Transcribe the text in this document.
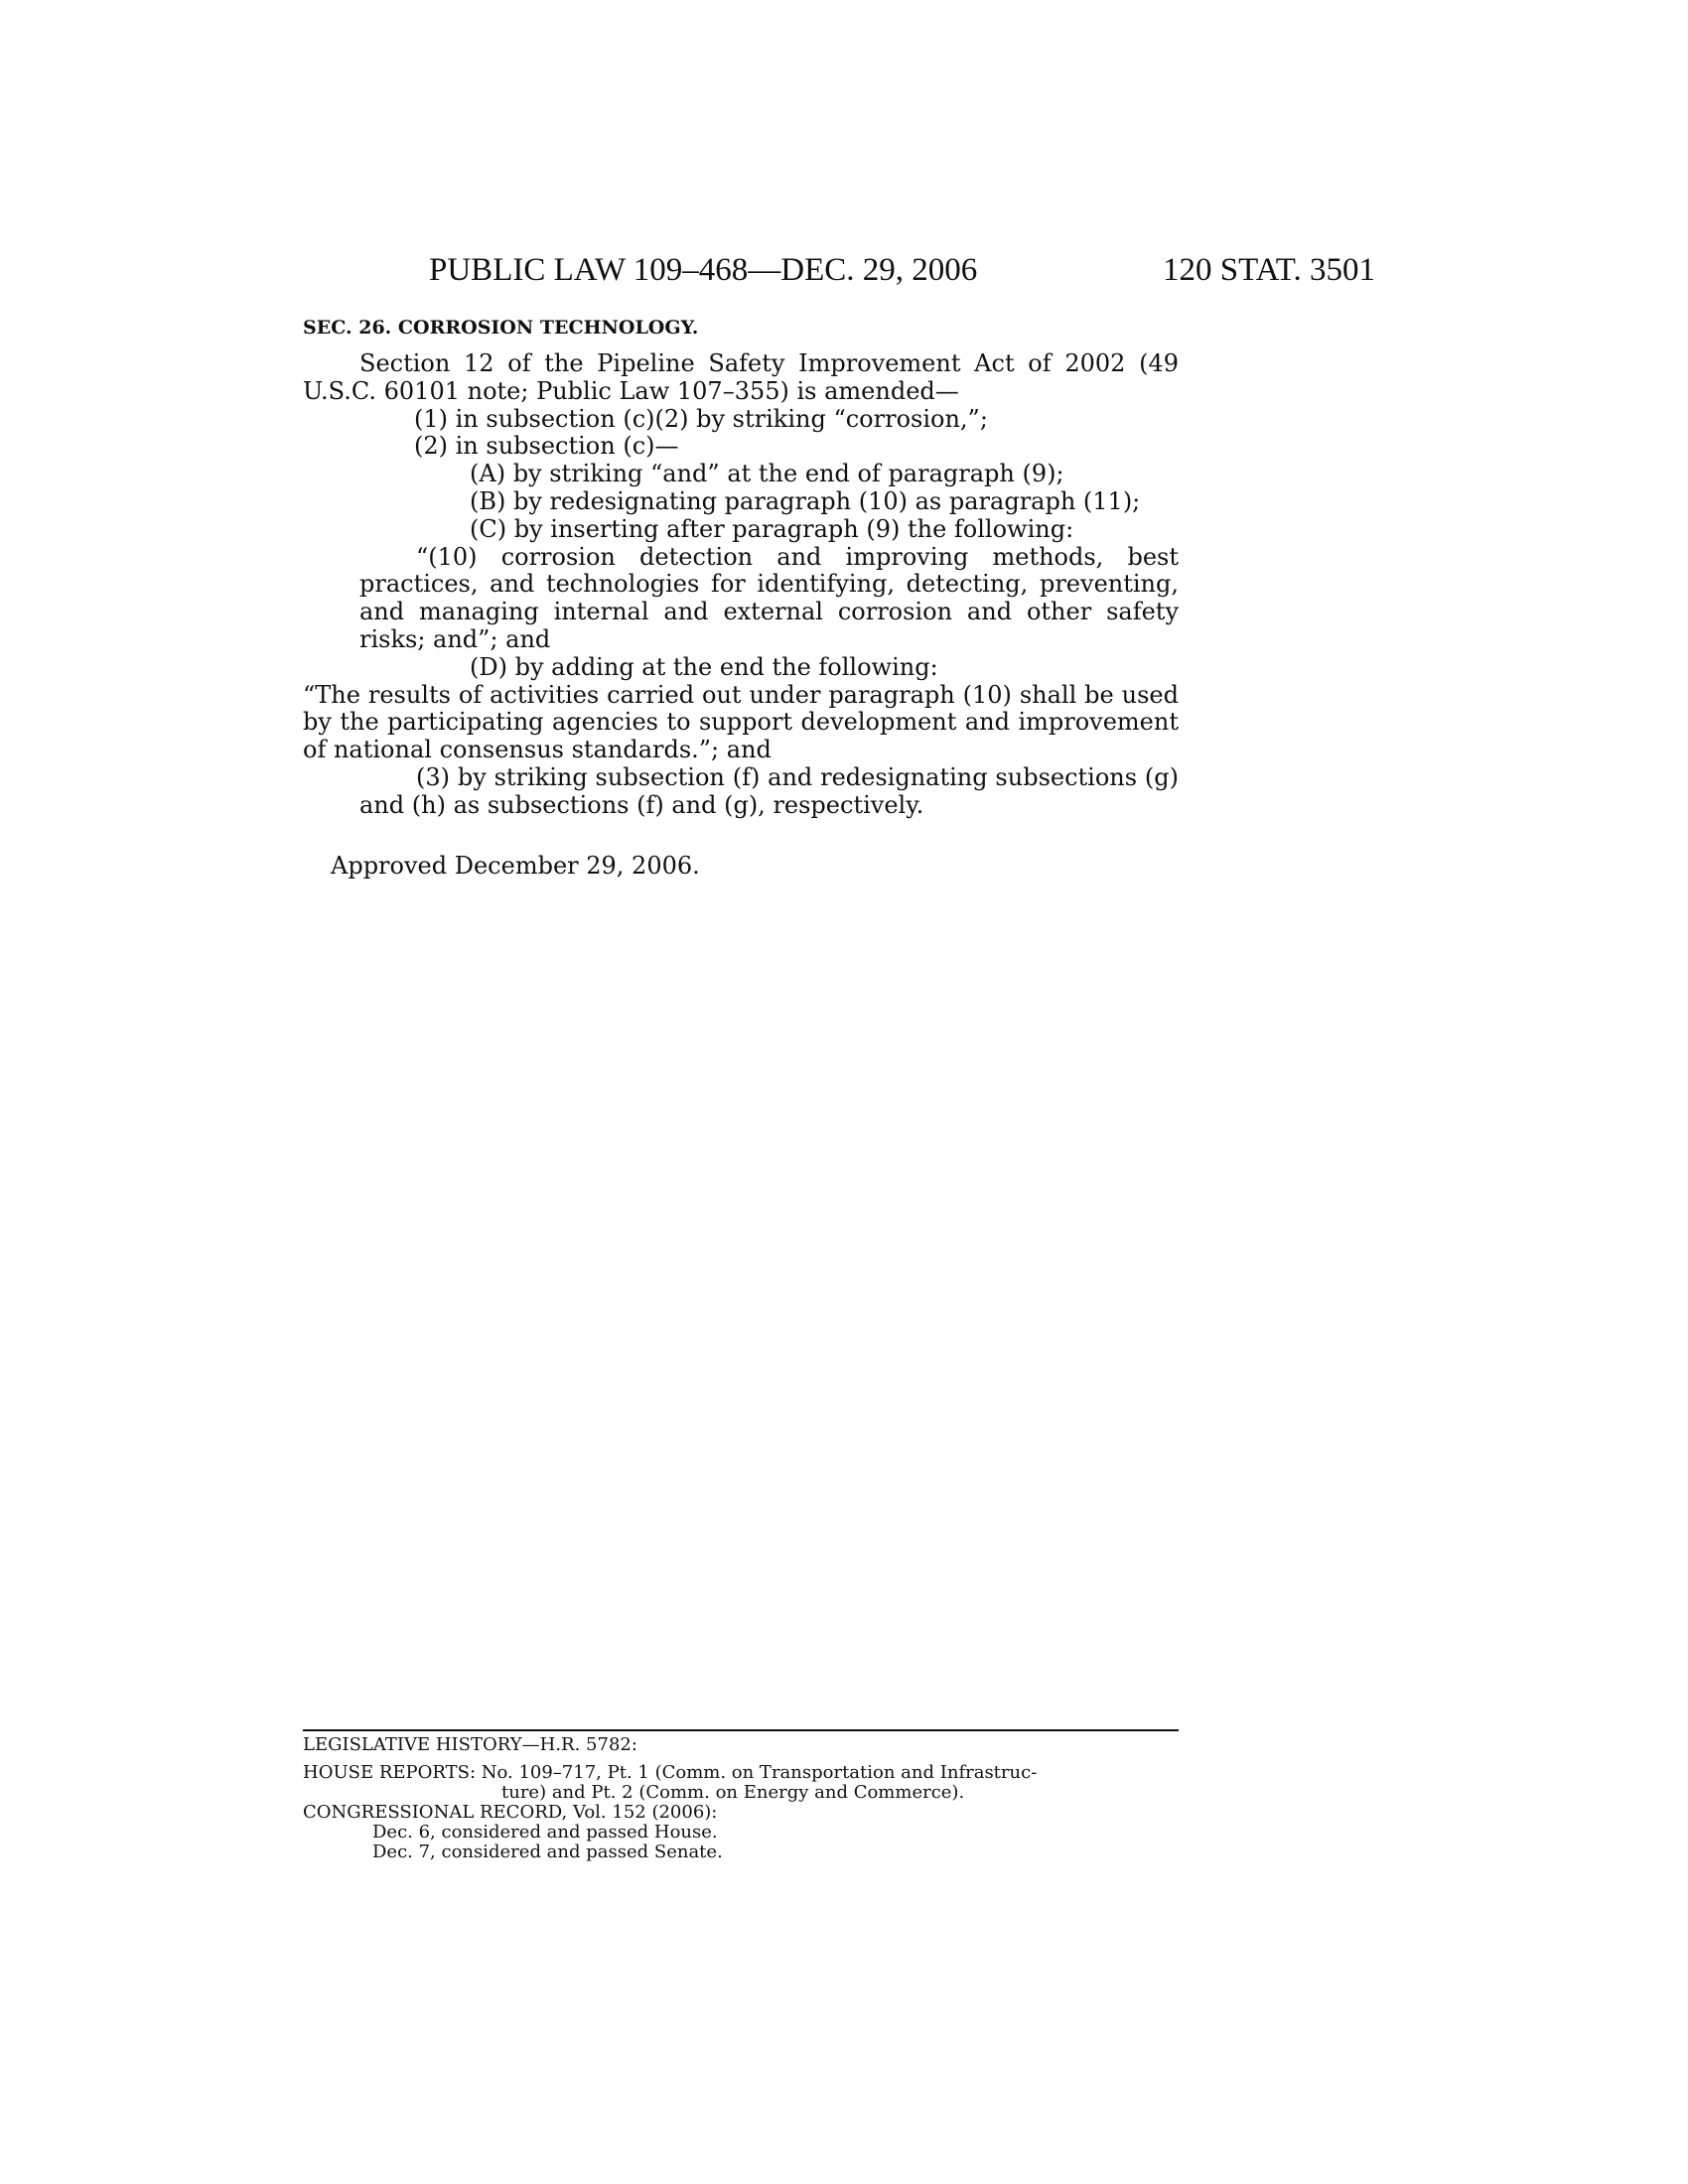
PUBLIC LAW 109–468—DEC. 29, 2006	120 STAT. 3501
SEC. 26. CORROSION TECHNOLOGY.

Section 12 of the Pipeline Safety Improvement Act of 2002 (49 U.S.C. 60101 note; Public Law 107–355) is amended—

(1) in subsection (c)(2) by striking “corrosion,”;

(2) in subsection (c)—

(A) by striking “and” at the end of paragraph (9);

(B) by redesignating paragraph (10) as paragraph (11);

(C) by inserting after paragraph (9) the following:

“(10) corrosion detection and improving methods, best practices, and technologies for identifying, detecting, preventing, and managing internal and external corrosion and other safety risks; and”; and

(D) by adding at the end the following:

“The results of activities carried out under paragraph (10) shall be used by the participating agencies to support development and improvement of national consensus standards.”; and

(3) by striking subsection (f) and redesignating subsections (g) and (h) as subsections (f) and (g), respectively.

Approved December 29, 2006.

LEGISLATIVE HISTORY—H.R. 5782:

HOUSE REPORTS: No. 109–717, Pt. 1 (Comm. on Transportation and Infrastruc-

ture) and Pt. 2 (Comm. on Energy and Commerce).

CONGRESSIONAL RECORD, Vol. 152 (2006):

Dec. 6, considered and passed House.

Dec. 7, considered and passed Senate.
